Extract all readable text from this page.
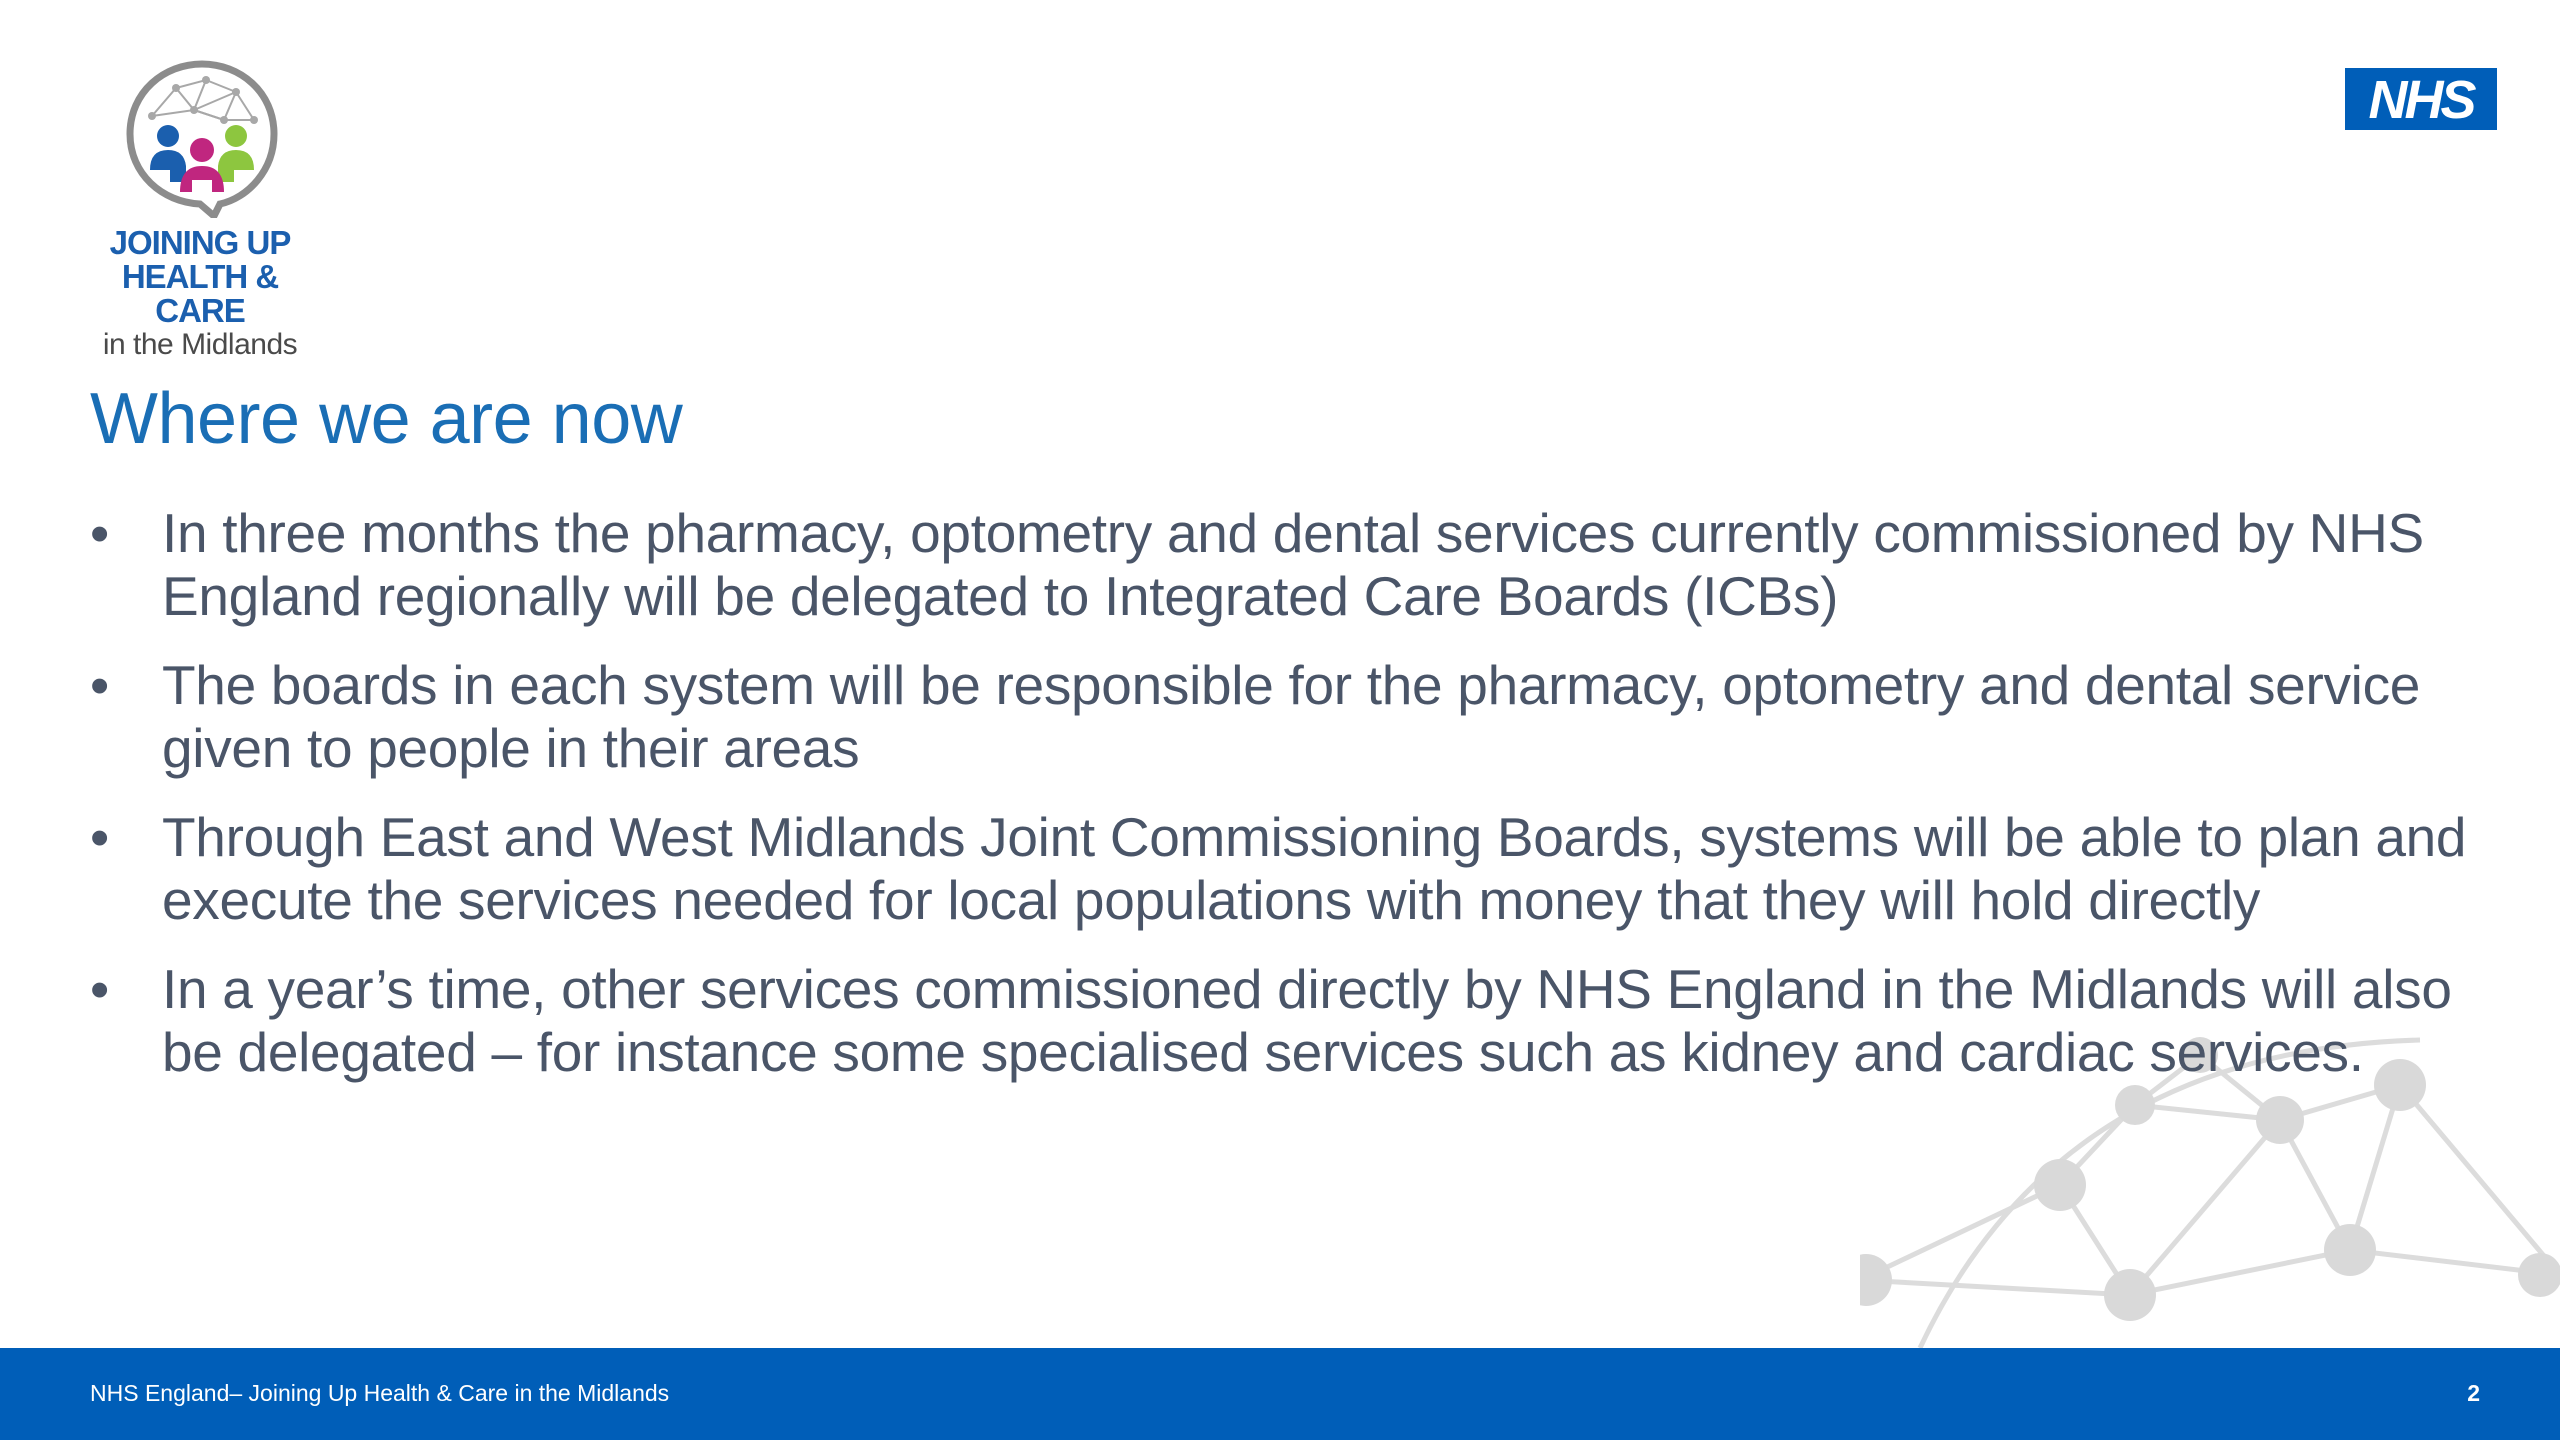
JOINING UP
HEALTH & CARE
in the Midlands
NHS
Where we are now
• In three months the pharmacy, optometry and dental services currently commissioned by NHS England regionally will be delegated to Integrated Care Boards (ICBs)
• The boards in each system will be responsible for the pharmacy, optometry and dental service given to people in their areas
• Through East and West Midlands Joint Commissioning Boards, systems will be able to plan and execute the services needed for local populations with money that they will hold directly
• In a year’s time, other services commissioned directly by NHS England in the Midlands will also be delegated – for instance some specialised services such as kidney and cardiac services.
NHS England– Joining Up Health & Care in the Midlands	2
